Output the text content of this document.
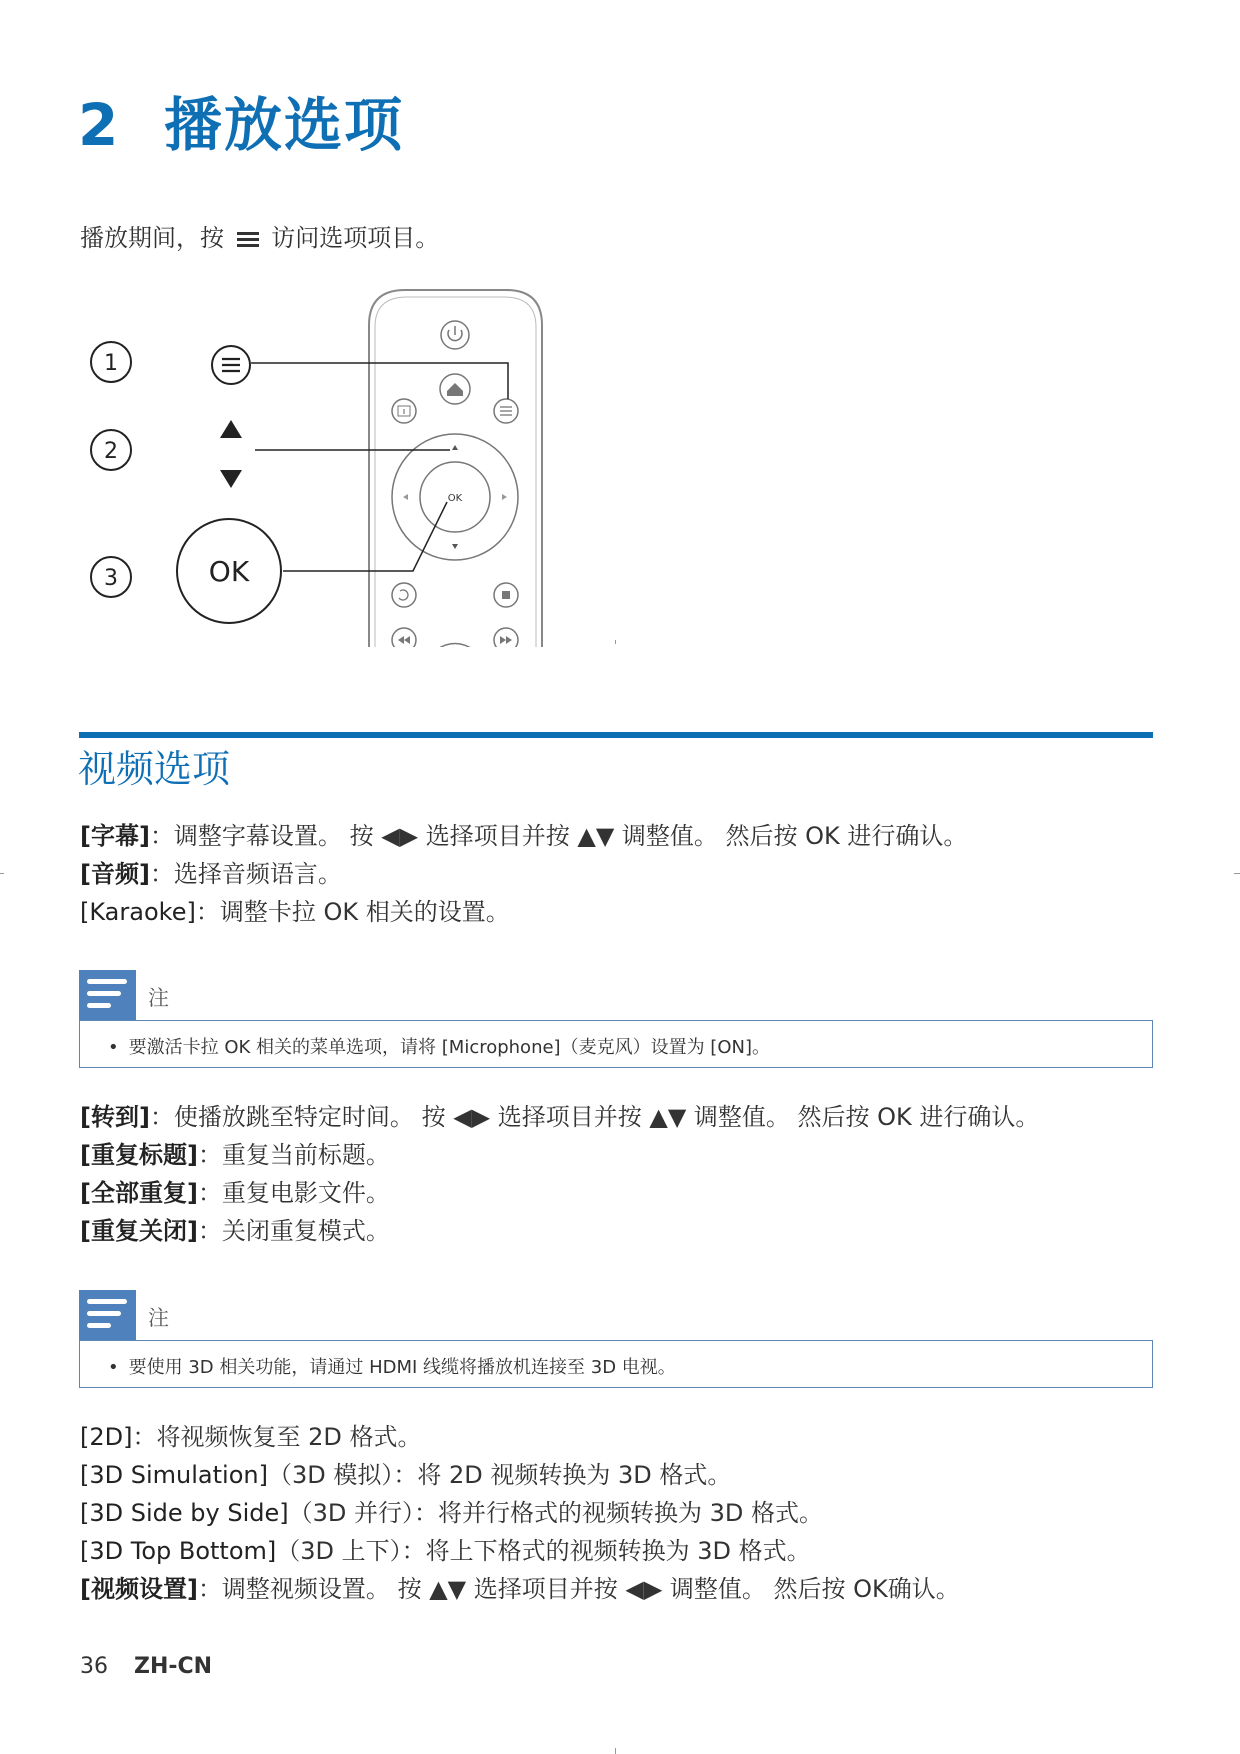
2 播放选项
播放期间，按 访问选项项目。
OK
1
2
3	OK
视频选项

[字幕]：调整字幕设置。 按 ◀▶ 选择项目并按 ▲▼ 调整值。 然后按 OK 进行确认。

[音频]：选择音频语言。

[Karaoke]：调整卡拉 OK 相关的设置。

注
• 要激活卡拉 OK 相关的菜单选项，请将 [Microphone]（麦克风）设置为 [ON]。

[转到]：使播放跳至特定时间。 按 ◀▶ 选择项目并按 ▲▼ 调整值。 然后按 OK 进行确认。

[重复标题]：重复当前标题。

[全部重复]：重复电影文件。

[重复关闭]：关闭重复模式。

注
• 要使用 3D 相关功能，请通过 HDMI 线缆将播放机连接至 3D 电视。

[2D]：将视频恢复至 2D 格式。

[3D Simulation]（3D 模拟）：将 2D 视频转换为 3D 格式。

[3D Side by Side]（3D 并行）：将并行格式的视频转换为 3D 格式。

[3D Top Bottom]（3D 上下）：将上下格式的视频转换为 3D 格式。

[视频设置]：调整视频设置。 按 ▲▼ 选择项目并按 ◀▶ 调整值。 然后按 OK确认。

36 ZH-CN
